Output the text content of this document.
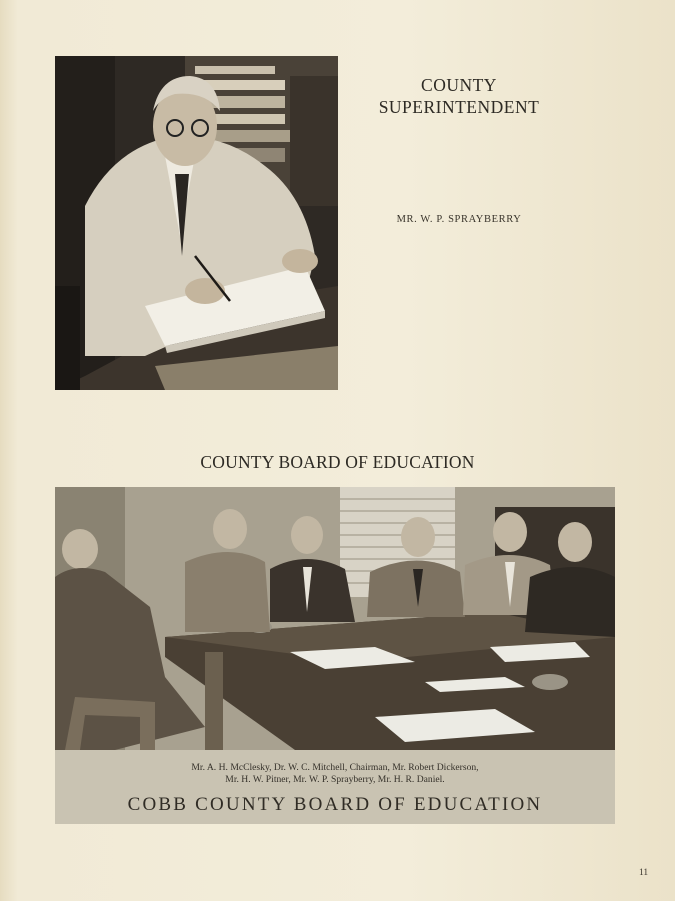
COUNTY
SUPERINTENDENT
MR. W. P. SPRAYBERRY
COUNTY BOARD OF EDUCATION
Mr. A. H. McClesky, Dr. W. C. Mitchell, Chairman, Mr. Robert Dickerson,
Mr. H. W. Pitner, Mr. W. P. Sprayberry, Mr. H. R. Daniel.
COBB COUNTY BOARD OF EDUCATION
11
